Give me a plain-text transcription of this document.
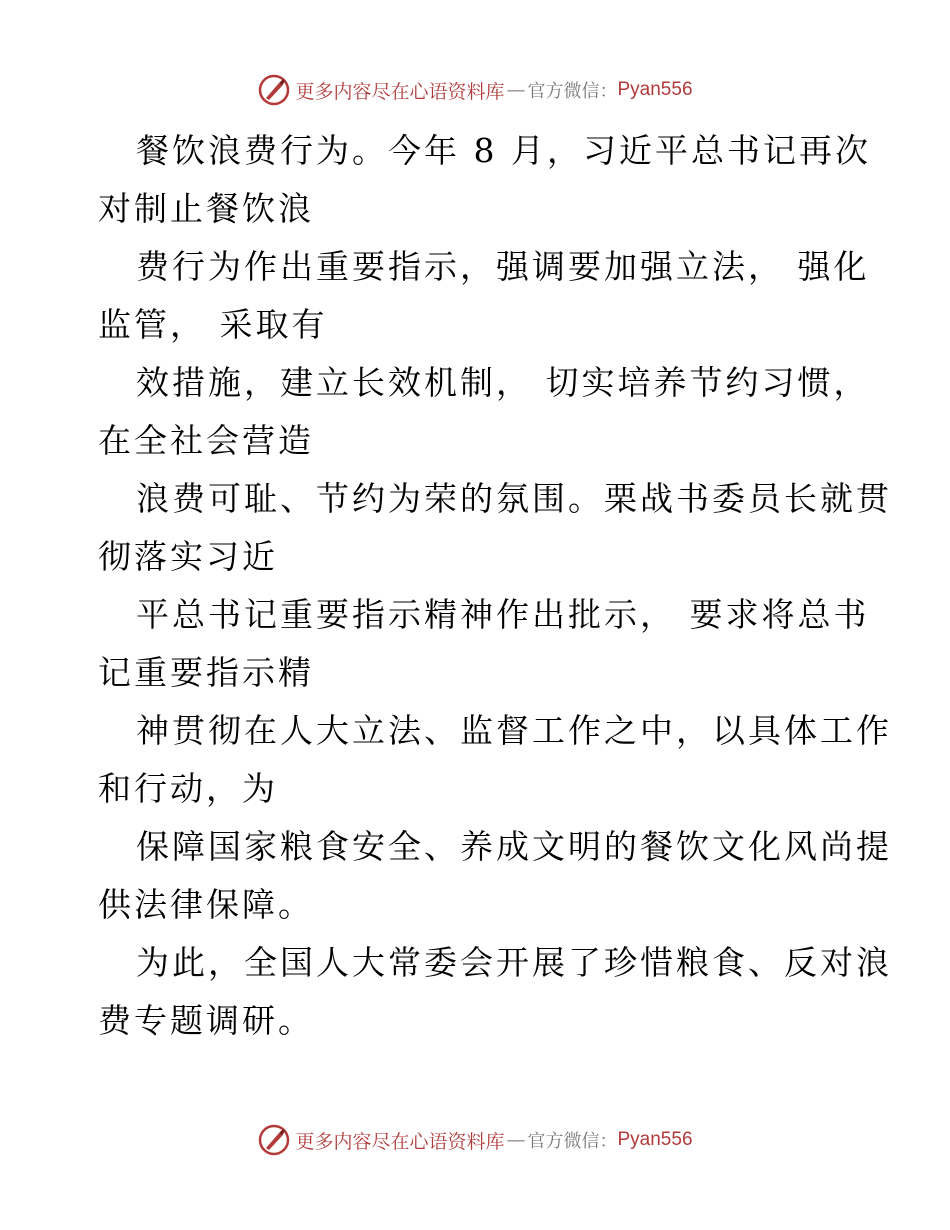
更多内容尽在心语资料库 — 官方微信： Pyan556
餐饮浪费行为。今年 8 月，习近平总书记再次
对制止餐饮浪
费行为作出重要指示，强调要加强立法， 强化
监管， 采取有
效措施，建立长效机制， 切实培养节约习惯，
在全社会营造
浪费可耻、节约为荣的氛围。栗战书委员长就贯
彻落实习近
平总书记重要指示精神作出批示， 要求将总书
记重要指示精
神贯彻在人大立法、监督工作之中，以具体工作
和行动，为
保障国家粮食安全、养成文明的餐饮文化风尚提
供法律保障。
为此，全国人大常委会开展了珍惜粮食、反对浪
费专题调研。
更多内容尽在心语资料库 — 官方微信： Pyan556
